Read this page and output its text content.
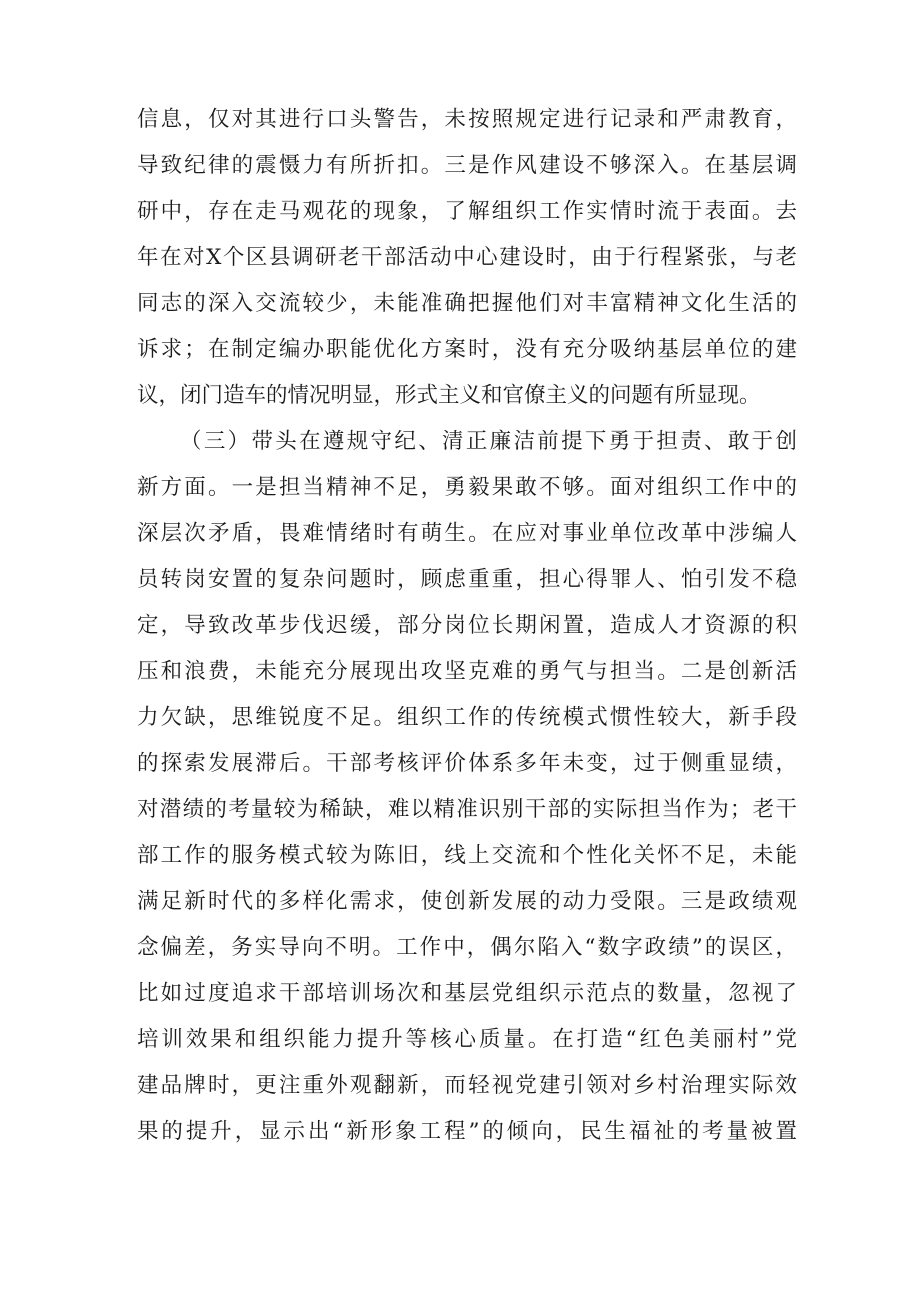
信息，仅对其进行口头警告，未按照规定进行记录和严肃教育，
导致纪律的震慑力有所折扣。三是作风建设不够深入。在基层调
研中，存在走马观花的现象，了解组织工作实情时流于表面。去
年在对X个区县调研老干部活动中心建设时，由于行程紧张，与老
同志的深入交流较少，未能准确把握他们对丰富精神文化生活的
诉求；在制定编办职能优化方案时，没有充分吸纳基层单位的建
议，闭门造车的情况明显，形式主义和官僚主义的问题有所显现。
（三）带头在遵规守纪、清正廉洁前提下勇于担责、敢于创
新方面。一是担当精神不足，勇毅果敢不够。面对组织工作中的
深层次矛盾，畏难情绪时有萌生。在应对事业单位改革中涉编人
员转岗安置的复杂问题时，顾虑重重，担心得罪人、怕引发不稳
定，导致改革步伐迟缓，部分岗位长期闲置，造成人才资源的积
压和浪费，未能充分展现出攻坚克难的勇气与担当。二是创新活
力欠缺，思维锐度不足。组织工作的传统模式惯性较大，新手段
的探索发展滞后。干部考核评价体系多年未变，过于侧重显绩，
对潜绩的考量较为稀缺，难以精准识别干部的实际担当作为；老干
部工作的服务模式较为陈旧，线上交流和个性化关怀不足，未能
满足新时代的多样化需求，使创新发展的动力受限。三是政绩观
念偏差，务实导向不明。工作中，偶尔陷入“数字政绩”的误区，
比如过度追求干部培训场次和基层党组织示范点的数量，忽视了
培训效果和组织能力提升等核心质量。在打造“红色美丽村”党
建品牌时，更注重外观翻新，而轻视党建引领对乡村治理实际效
果的提升，显示出“新形象工程”的倾向，民生福祉的考量被置
